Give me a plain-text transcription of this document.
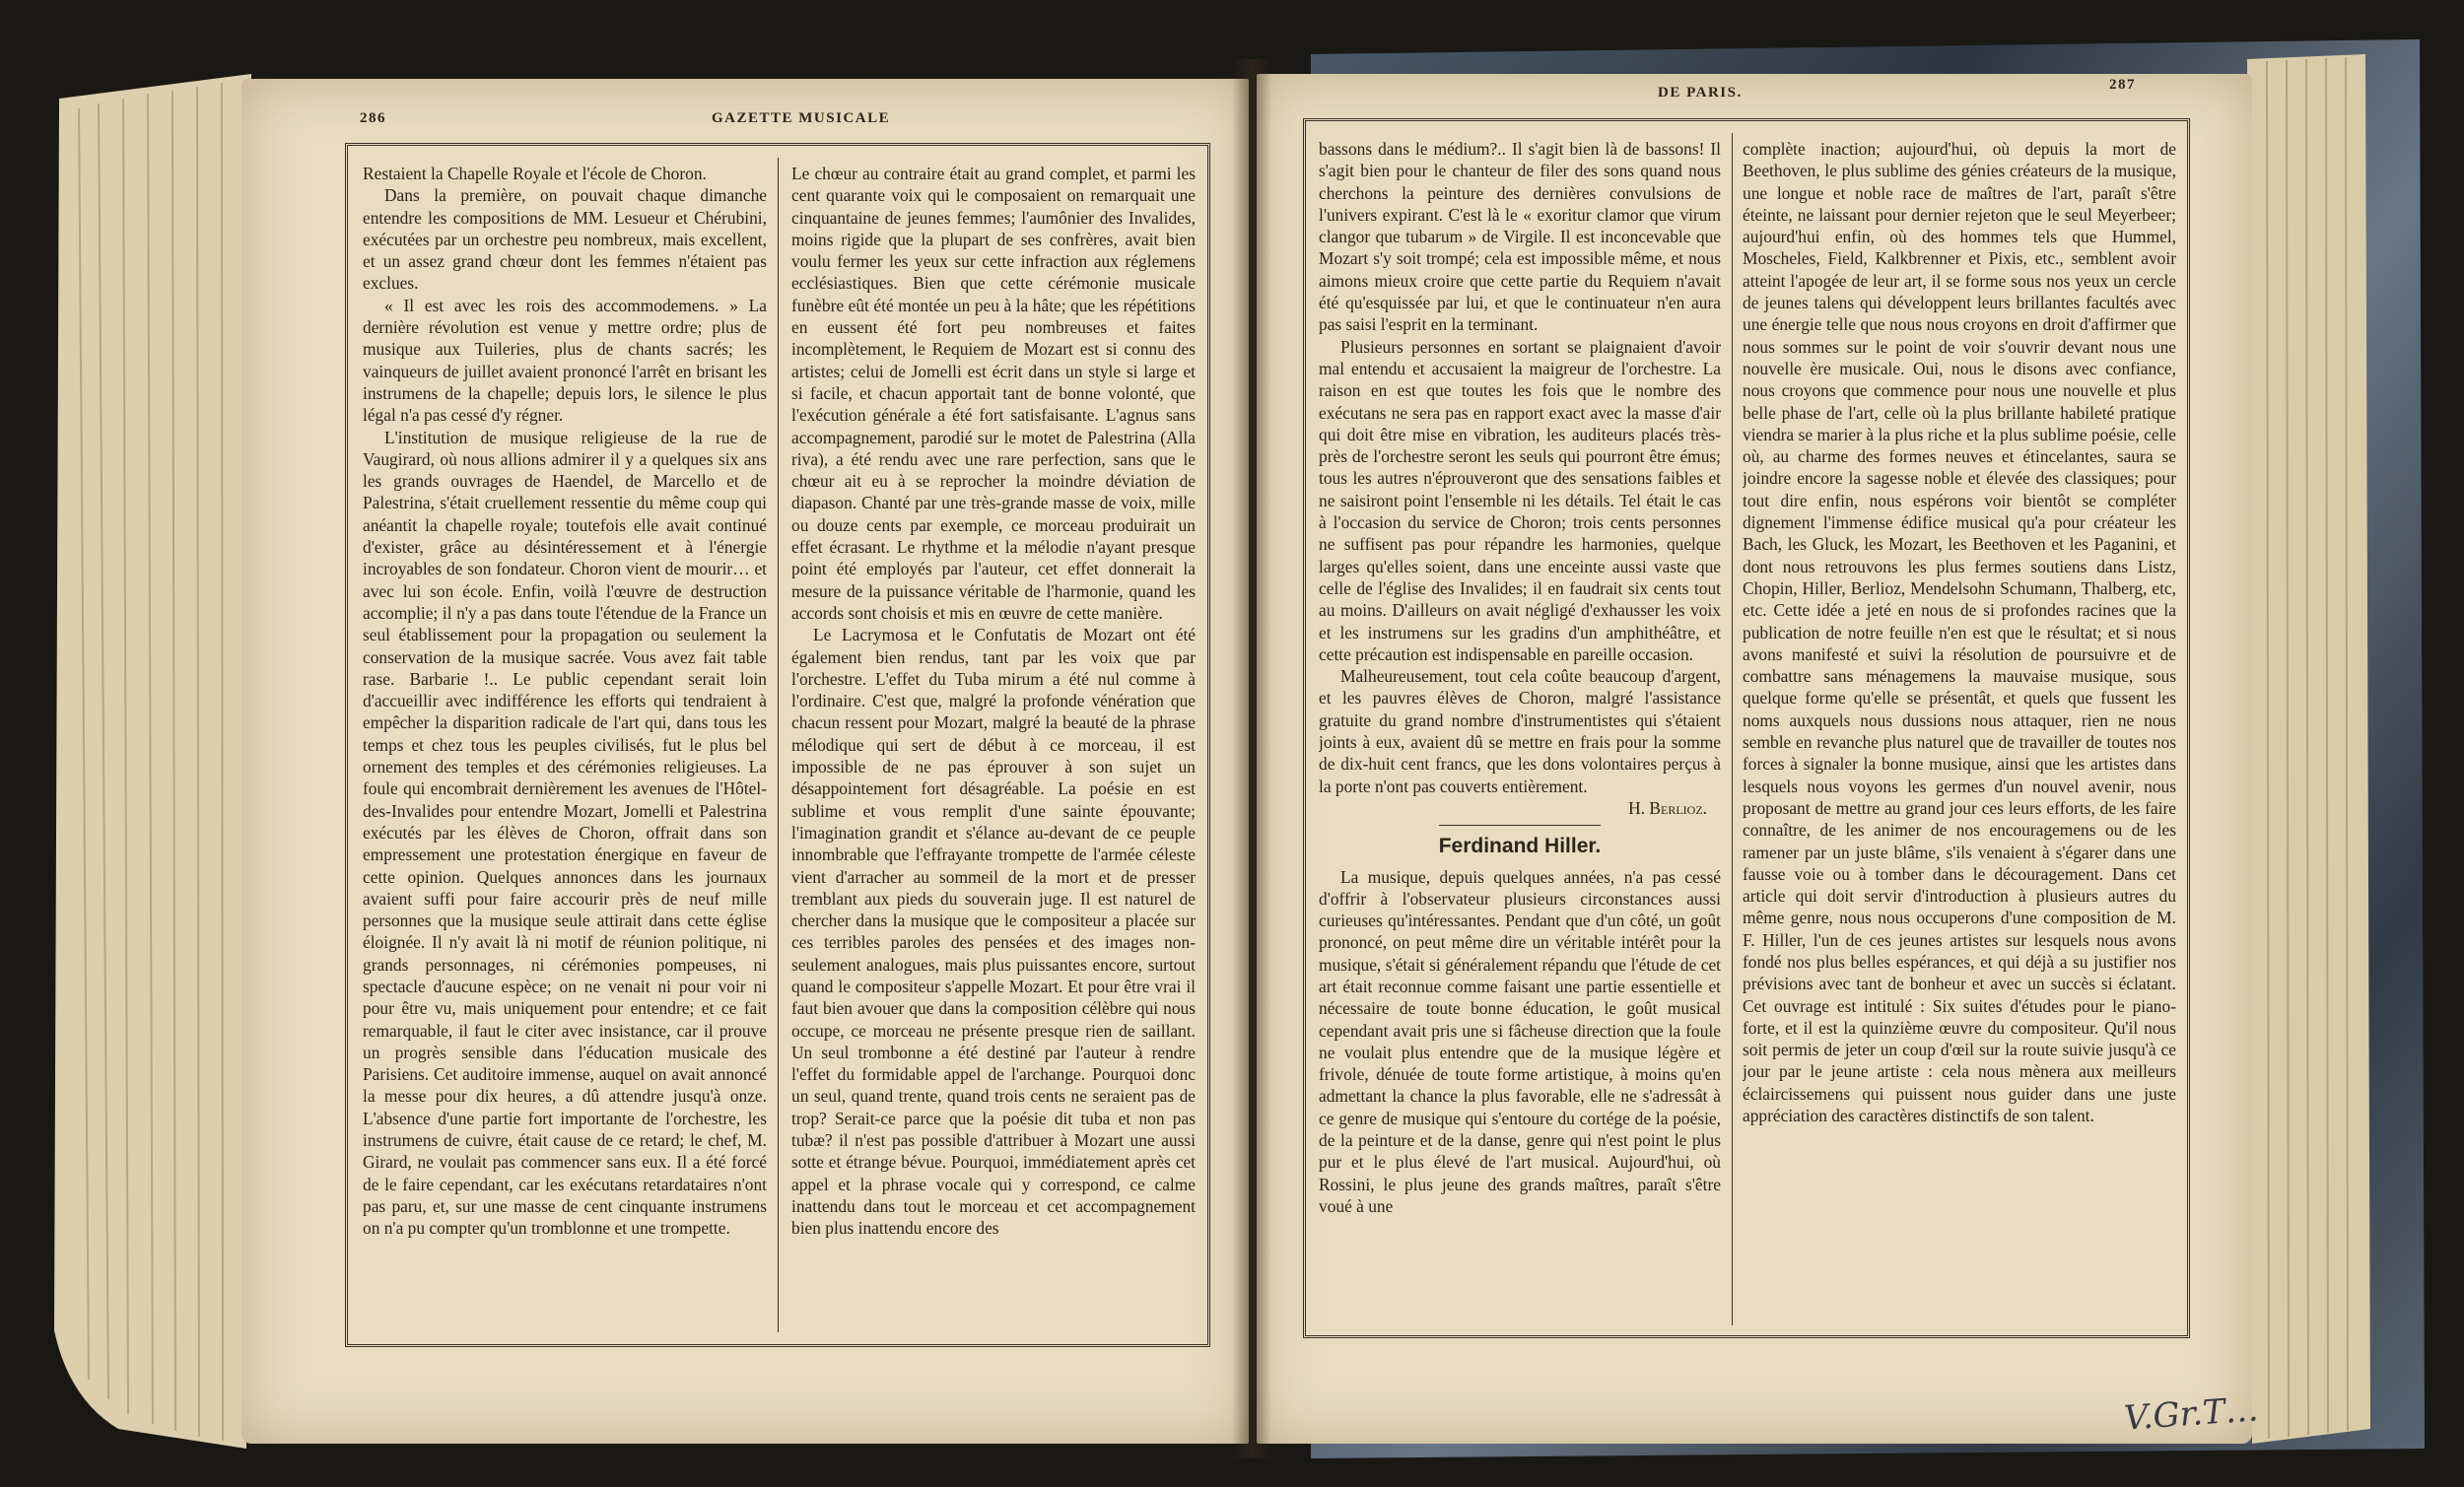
286	GAZETTE MUSICALE
DE PARIS.	287

Restaient la Chapelle Royale et l'école de Choron.

Dans la première, on pouvait chaque dimanche entendre les compositions de MM. Lesueur et Chérubini, exécutées par un orchestre peu nombreux, mais excellent, et un assez grand chœur dont les femmes n'étaient pas exclues.

« Il est avec les rois des accommodemens. » La dernière révolution est venue y mettre ordre; plus de musique aux Tuileries, plus de chants sacrés; les vainqueurs de juillet avaient prononcé l'arrêt en brisant les instrumens de la chapelle; depuis lors, le silence le plus légal n'a pas cessé d'y régner.

L'institution de musique religieuse de la rue de Vaugirard, où nous allions admirer il y a quelques six ans les grands ouvrages de Haendel, de Marcello et de Palestrina, s'était cruellement ressentie du même coup qui anéantit la chapelle royale; toutefois elle avait continué d'exister, grâce au désintéressement et à l'énergie incroyables de son fondateur. Choron vient de mourir… et avec lui son école. Enfin, voilà l'œuvre de destruction accomplie; il n'y a pas dans toute l'étendue de la France un seul établissement pour la propagation ou seulement la conservation de la musique sacrée. Vous avez fait table rase. Barbarie !.. Le public cependant serait loin d'accueillir avec indifférence les efforts qui tendraient à empêcher la disparition radicale de l'art qui, dans tous les temps et chez tous les peuples civilisés, fut le plus bel ornement des temples et des cérémonies religieuses. La foule qui encombrait dernièrement les avenues de l'Hôtel-des-Invalides pour entendre Mozart, Jomelli et Palestrina exécutés par les élèves de Choron, offrait dans son empressement une protestation énergique en faveur de cette opinion. Quelques annonces dans les journaux avaient suffi pour faire accourir près de neuf mille personnes que la musique seule attirait dans cette église éloignée. Il n'y avait là ni motif de réunion politique, ni grands personnages, ni cérémonies pompeuses, ni spectacle d'aucune espèce; on ne venait ni pour voir ni pour être vu, mais uniquement pour entendre; et ce fait remarquable, il faut le citer avec insistance, car il prouve un progrès sensible dans l'éducation musicale des Parisiens. Cet auditoire immense, auquel on avait annoncé la messe pour dix heures, a dû attendre jusqu'à onze. L'absence d'une partie fort importante de l'orchestre, les instrumens de cuivre, était cause de ce retard; le chef, M. Girard, ne voulait pas commencer sans eux. Il a été forcé de le faire cependant, car les exécutans retardataires n'ont pas paru, et, sur une masse de cent cinquante instrumens on n'a pu compter qu'un tromblonne et une trompette.

Le chœur au contraire était au grand complet, et parmi les cent quarante voix qui le composaient on remarquait une cinquantaine de jeunes femmes; l'aumônier des Invalides, moins rigide que la plupart de ses confrères, avait bien voulu fermer les yeux sur cette infraction aux réglemens ecclésiastiques. Bien que cette cérémonie musicale funèbre eût été montée un peu à la hâte; que les répétitions en eussent été fort peu nombreuses et faites incomplètement, le Requiem de Mozart est si connu des artistes; celui de Jomelli est écrit dans un style si large et si facile, et chacun apportait tant de bonne volonté, que l'exécution générale a été fort satisfaisante. L'agnus sans accompagnement, parodié sur le motet de Palestrina (Alla riva), a été rendu avec une rare perfection, sans que le chœur ait eu à se reprocher la moindre déviation de diapason. Chanté par une très-grande masse de voix, mille ou douze cents par exemple, ce morceau produirait un effet écrasant. Le rhythme et la mélodie n'ayant presque point été employés par l'auteur, cet effet donnerait la mesure de la puissance véritable de l'harmonie, quand les accords sont choisis et mis en œuvre de cette manière.

Le Lacrymosa et le Confutatis de Mozart ont été également bien rendus, tant par les voix que par l'orchestre. L'effet du Tuba mirum a été nul comme à l'ordinaire. C'est que, malgré la profonde vénération que chacun ressent pour Mozart, malgré la beauté de la phrase mélodique qui sert de début à ce morceau, il est impossible de ne pas éprouver à son sujet un désappointement fort désagréable. La poésie en est sublime et vous remplit d'une sainte épouvante; l'imagination grandit et s'élance au-devant de ce peuple innombrable que l'effrayante trompette de l'armée céleste vient d'arracher au sommeil de la mort et de presser tremblant aux pieds du souverain juge. Il est naturel de chercher dans la musique que le compositeur a placée sur ces terribles paroles des pensées et des images non-seulement analogues, mais plus puissantes encore, surtout quand le compositeur s'appelle Mozart. Et pour être vrai il faut bien avouer que dans la composition célèbre qui nous occupe, ce morceau ne présente presque rien de saillant. Un seul trombonne a été destiné par l'auteur à rendre l'effet du formidable appel de l'archange. Pourquoi donc un seul, quand trente, quand trois cents ne seraient pas de trop? Serait-ce parce que la poésie dit tuba et non pas tubæ? il n'est pas possible d'attribuer à Mozart une aussi sotte et étrange bévue. Pourquoi, immédiatement après cet appel et la phrase vocale qui y correspond, ce calme inattendu dans tout le morceau et cet accompagnement bien plus inattendu encore des

bassons dans le médium?.. Il s'agit bien là de bassons! Il s'agit bien pour le chanteur de filer des sons quand nous cherchons la peinture des dernières convulsions de l'univers expirant. C'est là le « exoritur clamor que virum clangor que tubarum » de Virgile. Il est inconcevable que Mozart s'y soit trompé; cela est impossible même, et nous aimons mieux croire que cette partie du Requiem n'avait été qu'esquissée par lui, et que le continuateur n'en aura pas saisi l'esprit en la terminant.

Plusieurs personnes en sortant se plaignaient d'avoir mal entendu et accusaient la maigreur de l'orchestre. La raison en est que toutes les fois que le nombre des exécutans ne sera pas en rapport exact avec la masse d'air qui doit être mise en vibration, les auditeurs placés très-près de l'orchestre seront les seuls qui pourront être émus; tous les autres n'éprouveront que des sensations faibles et ne saisiront point l'ensemble ni les détails. Tel était le cas à l'occasion du service de Choron; trois cents personnes ne suffisent pas pour répandre les harmonies, quelque larges qu'elles soient, dans une enceinte aussi vaste que celle de l'église des Invalides; il en faudrait six cents tout au moins. D'ailleurs on avait négligé d'exhausser les voix et les instrumens sur les gradins d'un amphithéâtre, et cette précaution est indispensable en pareille occasion.

Malheureusement, tout cela coûte beaucoup d'argent, et les pauvres élèves de Choron, malgré l'assistance gratuite du grand nombre d'instrumentistes qui s'étaient joints à eux, avaient dû se mettre en frais pour la somme de dix-huit cent francs, que les dons volontaires perçus à la porte n'ont pas couverts entièrement.

H. Berlioz.

Ferdinand Hiller.

La musique, depuis quelques années, n'a pas cessé d'offrir à l'observateur plusieurs circonstances aussi curieuses qu'intéressantes. Pendant que d'un côté, un goût prononcé, on peut même dire un véritable intérêt pour la musique, s'était si généralement répandu que l'étude de cet art était reconnue comme faisant une partie essentielle et nécessaire de toute bonne éducation, le goût musical cependant avait pris une si fâcheuse direction que la foule ne voulait plus entendre que de la musique légère et frivole, dénuée de toute forme artistique, à moins qu'en admettant la chance la plus favorable, elle ne s'adressât à ce genre de musique qui s'entoure du cortége de la poésie, de la peinture et de la danse, genre qui n'est point le plus pur et le plus élevé de l'art musical. Aujourd'hui, où Rossini, le plus jeune des grands maîtres, paraît s'être voué à une

complète inaction; aujourd'hui, où depuis la mort de Beethoven, le plus sublime des génies créateurs de la musique, une longue et noble race de maîtres de l'art, paraît s'être éteinte, ne laissant pour dernier rejeton que le seul Meyerbeer; aujourd'hui enfin, où des hommes tels que Hummel, Moscheles, Field, Kalkbrenner et Pixis, etc., semblent avoir atteint l'apogée de leur art, il se forme sous nos yeux un cercle de jeunes talens qui développent leurs brillantes facultés avec une énergie telle que nous nous croyons en droit d'affirmer que nous sommes sur le point de voir s'ouvrir devant nous une nouvelle ère musicale. Oui, nous le disons avec confiance, nous croyons que commence pour nous une nouvelle et plus belle phase de l'art, celle où la plus brillante habileté pratique viendra se marier à la plus riche et la plus sublime poésie, celle où, au charme des formes neuves et étincelantes, saura se joindre encore la sagesse noble et élevée des classiques; pour tout dire enfin, nous espérons voir bientôt se compléter dignement l'immense édifice musical qu'a pour créateur les Bach, les Gluck, les Mozart, les Beethoven et les Paganini, et dont nous retrouvons les plus fermes soutiens dans Listz, Chopin, Hiller, Berlioz, Mendelsohn Schumann, Thalberg, etc, etc. Cette idée a jeté en nous de si profondes racines que la publication de notre feuille n'en est que le résultat; et si nous avons manifesté et suivi la résolution de poursuivre et de combattre sans ménagemens la mauvaise musique, sous quelque forme qu'elle se présentât, et quels que fussent les noms auxquels nous dussions nous attaquer, rien ne nous semble en revanche plus naturel que de travailler de toutes nos forces à signaler la bonne musique, ainsi que les artistes dans lesquels nous voyons les germes d'un nouvel avenir, nous proposant de mettre au grand jour ces leurs efforts, de les faire connaître, de les animer de nos encouragemens ou de les ramener par un juste blâme, s'ils venaient à s'égarer dans une fausse voie ou à tomber dans le découragement. Dans cet article qui doit servir d'introduction à plusieurs autres du même genre, nous nous occuperons d'une composition de M. F. Hiller, l'un de ces jeunes artistes sur lesquels nous avons fondé nos plus belles espérances, et qui déjà a su justifier nos prévisions avec tant de bonheur et avec un succès si éclatant. Cet ouvrage est intitulé : Six suites d'études pour le piano-forte, et il est la quinzième œuvre du compositeur. Qu'il nous soit permis de jeter un coup d'œil sur la route suivie jusqu'à ce jour par le jeune artiste : cela nous mènera aux meilleurs éclaircissemens qui puissent nous guider dans une juste appréciation des caractères distinctifs de son talent.

V.Gr.T…
